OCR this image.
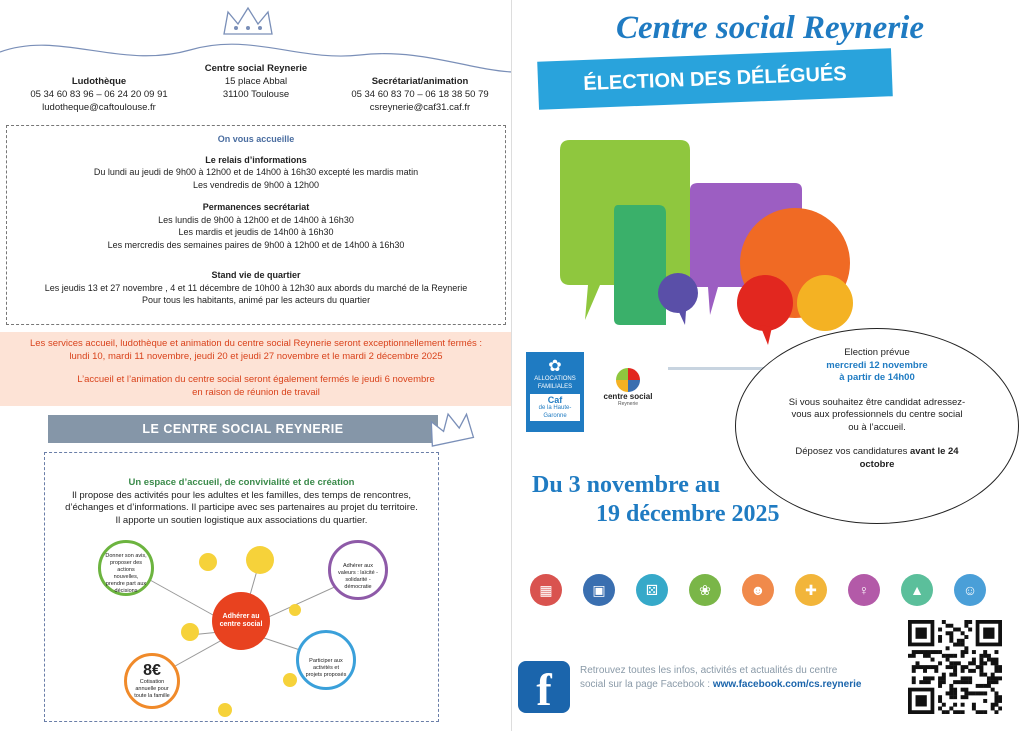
Ludothèque
05 34 60 83 96 – 06 24 20 09 91
ludotheque@caftoulouse.fr
Centre social Reynerie
15 place Abbal
31100 Toulouse
Secrétariat/animation
05 34 60 83 70 – 06 18 38 50 79
csreynerie@caf31.caf.fr
On vous accueille
Le relais d’informations
Du lundi au jeudi de 9h00 à 12h00 et de 14h00 à 16h30 excepté les mardis matin
Les vendredis de 9h00 à 12h00
Permanences secrétariat
Les lundis de 9h00 à 12h00 et de 14h00 à 16h30
Les mardis et jeudis de 14h00 à 16h30
Les mercredis des semaines paires de 9h00 à 12h00 et de 14h00 à 16h30
Stand vie de quartier
Les jeudis 13 et 27 novembre , 4 et 11 décembre de 10h00 à 12h30 aux abords du marché de la Reynerie
Pour tous les habitants, animé par les acteurs du quartier
Les services accueil, ludothèque et animation du centre social Reynerie seront exceptionnellement fermés :
lundi 10, mardi 11 novembre, jeudi 20 et jeudi 27 novembre et le mardi 2 décembre 2025
L’accueil et l’animation du centre social seront également fermés le jeudi 6 novembre
en raison de réunion de travail
LE CENTRE SOCIAL REYNERIE
Un espace d’accueil, de convivialité et de création
Il propose des activités pour les adultes et les familles, des temps de rencontres,
d’échanges et d’informations. Il participe avec ses partenaires au projet du territoire.
Il apporte un soutien logistique aux associations du quartier.
Adhérer au centre social
Donner son avis, proposer des actions nouvelles, prendre part aux décisions
Adhérer aux valeurs : laïcité - solidarité - démocratie
Participer aux activités et projets proposés
8€
Cotisation annuelle pour toute la famille
Centre social Reynerie
ÉLECTION DES DÉLÉGUÉS
✿
ALLOCATIONS
FAMILIALES
Caf
de la Haute-
Garonne
centre social
Reynerie
Election prévue
mercredi 12 novembre
à partir de 14h00
Si vous souhaitez être candidat adressez-
vous aux professionnels du centre social
ou à l’accueil.
Déposez vos candidatures avant le 24
octobre
Du 3 novembre au
19 décembre 2025
▦	▣	⚄	❀	☻	✚	♀	▲	☺
f	Retrouvez toutes les infos, activités et actualités du centre
social sur la page Facebook : www.facebook.com/cs.reynerie
